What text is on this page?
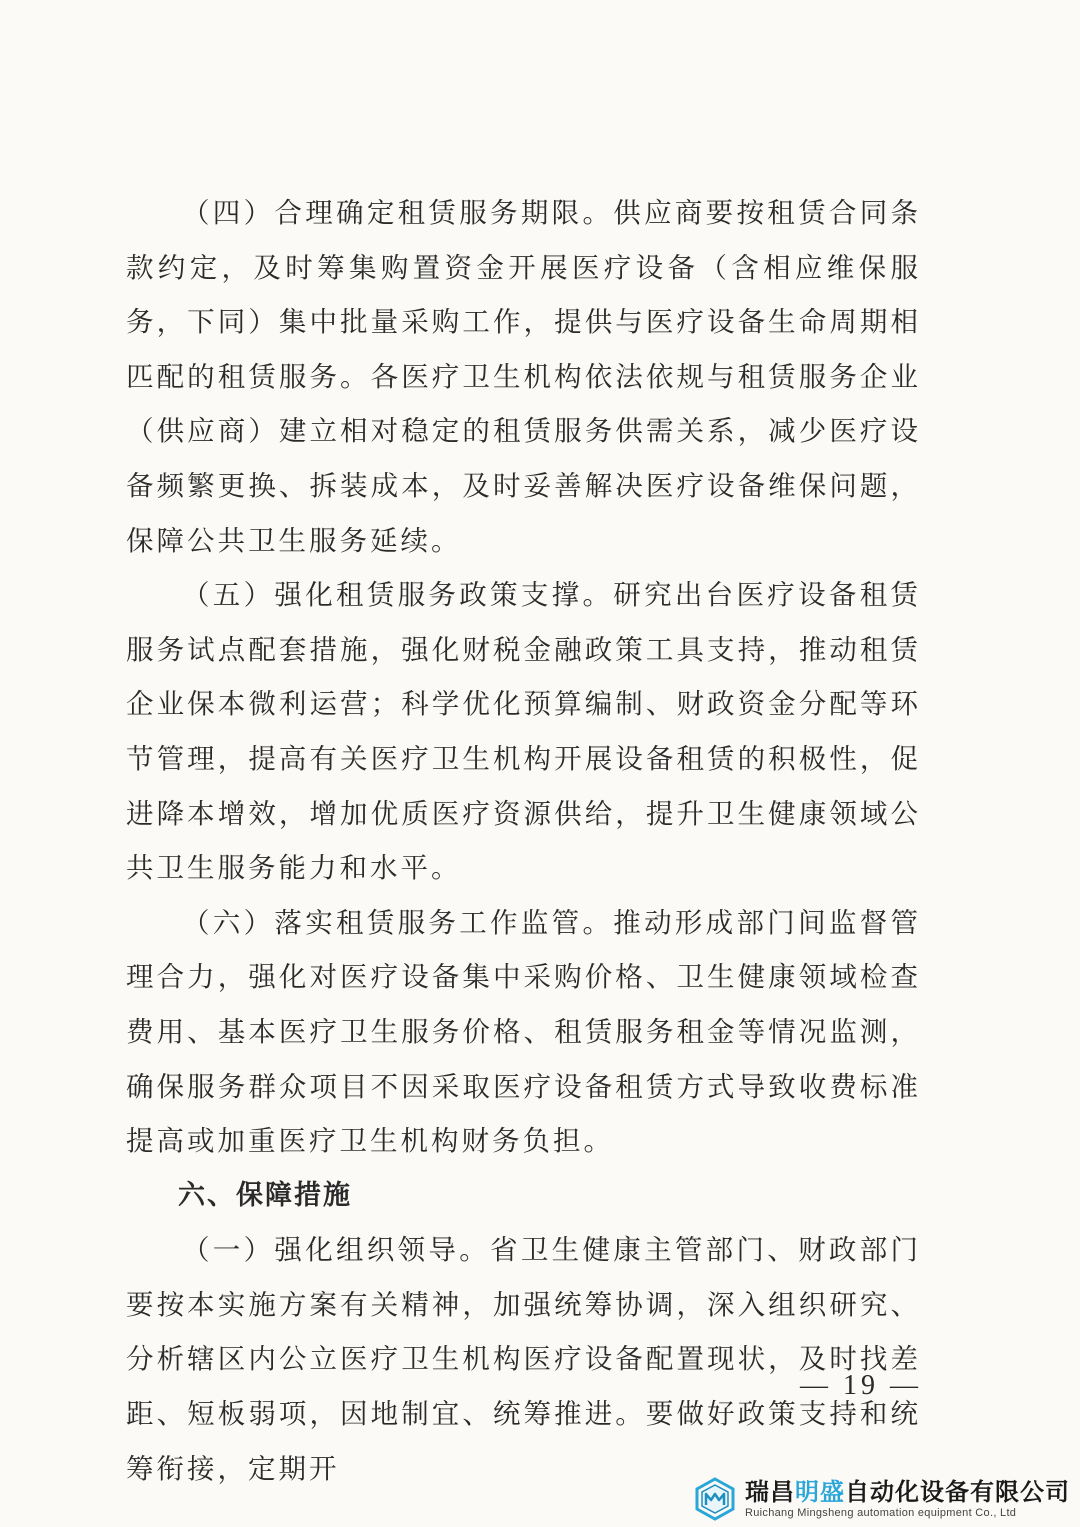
（四）合理确定租赁服务期限。供应商要按租赁合同条款约定，及时筹集购置资金开展医疗设备（含相应维保服务，下同）集中批量采购工作，提供与医疗设备生命周期相匹配的租赁服务。各医疗卫生机构依法依规与租赁服务企业（供应商）建立相对稳定的租赁服务供需关系，减少医疗设备频繁更换、拆装成本，及时妥善解决医疗设备维保问题，保障公共卫生服务延续。

（五）强化租赁服务政策支撑。研究出台医疗设备租赁服务试点配套措施，强化财税金融政策工具支持，推动租赁企业保本微利运营；科学优化预算编制、财政资金分配等环节管理，提高有关医疗卫生机构开展设备租赁的积极性，促进降本增效，增加优质医疗资源供给，提升卫生健康领域公共卫生服务能力和水平。

（六）落实租赁服务工作监管。推动形成部门间监督管理合力，强化对医疗设备集中采购价格、卫生健康领域检查费用、基本医疗卫生服务价格、租赁服务租金等情况监测，确保服务群众项目不因采取医疗设备租赁方式导致收费标准提高或加重医疗卫生机构财务负担。

六、保障措施

（一）强化组织领导。省卫生健康主管部门、财政部门要按本实施方案有关精神，加强统筹协调，深入组织研究、分析辖区内公立医疗卫生机构医疗设备配置现状，及时找差距、短板弱项，因地制宜、统筹推进。要做好政策支持和统筹衔接，定期开

— 19 —
瑞昌明盛自动化设备有限公司
Ruichang Mingsheng automation equipment Co., Ltd
